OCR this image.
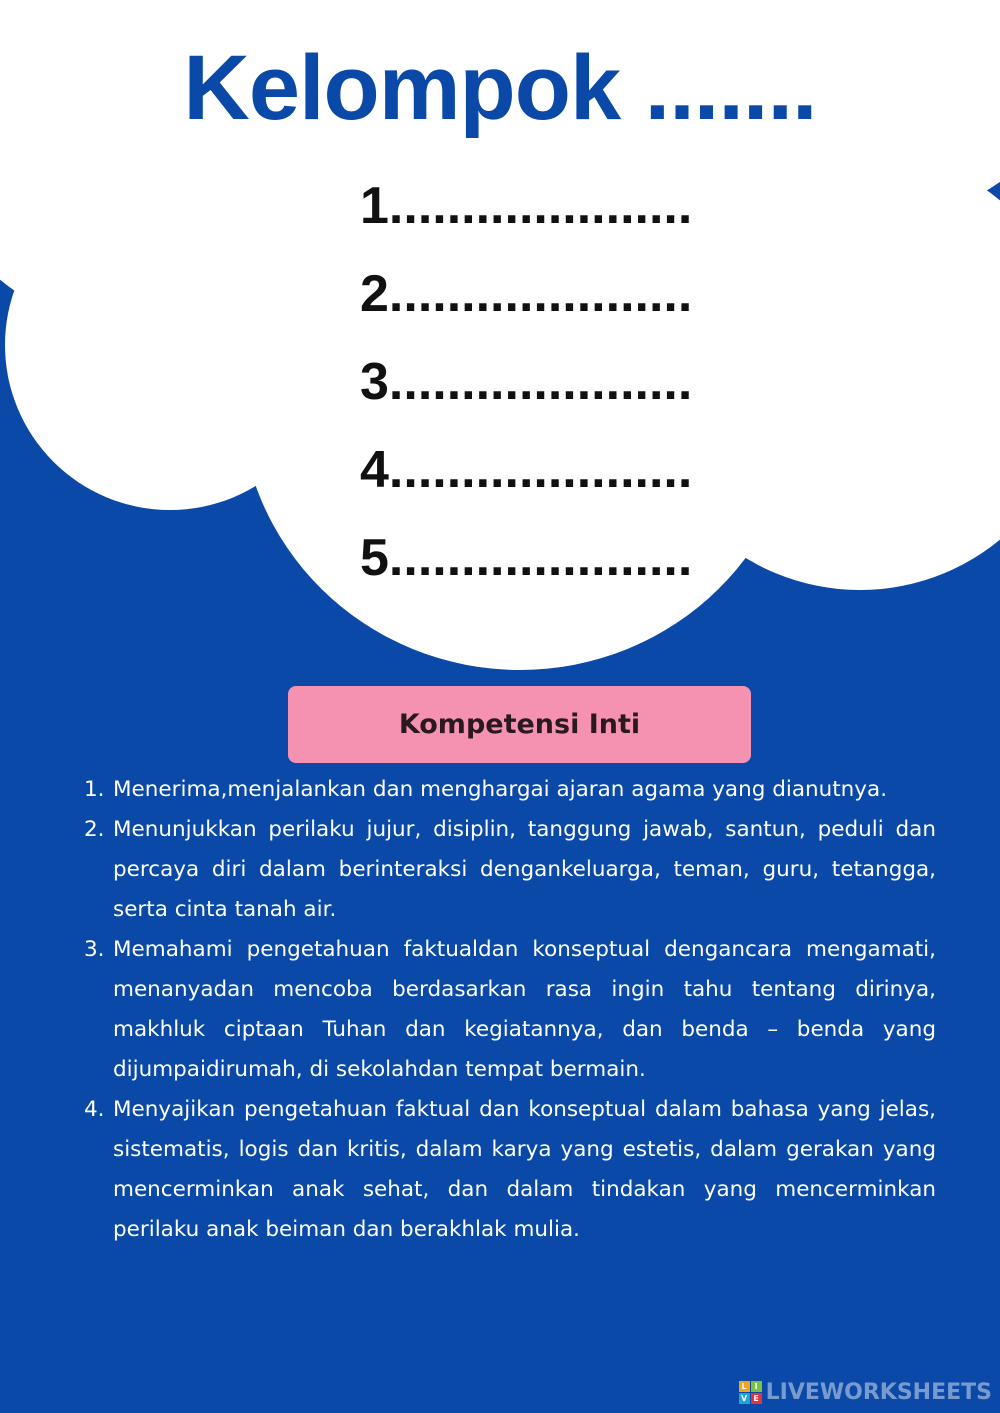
Kelompok .......
1.....................
2.....................
3.....................
4.....................
5.....................
Kompetensi Inti
1. Menerima,menjalankan dan menghargai ajaran agama yang dianutnya.
2. Menunjukkan perilaku jujur, disiplin, tanggung jawab, santun, peduli dan percaya diri dalam berinteraksi dengankeluarga, teman, guru, tetangga, serta cinta tanah air.
3. Memahami pengetahuan faktualdan konseptual dengancara mengamati, menanyadan mencoba berdasarkan rasa ingin tahu tentang dirinya, makhluk ciptaan Tuhan dan kegiatannya, dan benda – benda yang dijumpaidirumah, di sekolahdan tempat bermain.
4. Menyajikan pengetahuan faktual dan konseptual dalam bahasa yang jelas, sistematis, logis dan kritis, dalam karya yang estetis, dalam gerakan yang mencerminkan anak sehat, dan dalam tindakan yang mencerminkan perilaku anak beiman dan berakhlak mulia.
L I
V E LIVEWORKSHEETS
